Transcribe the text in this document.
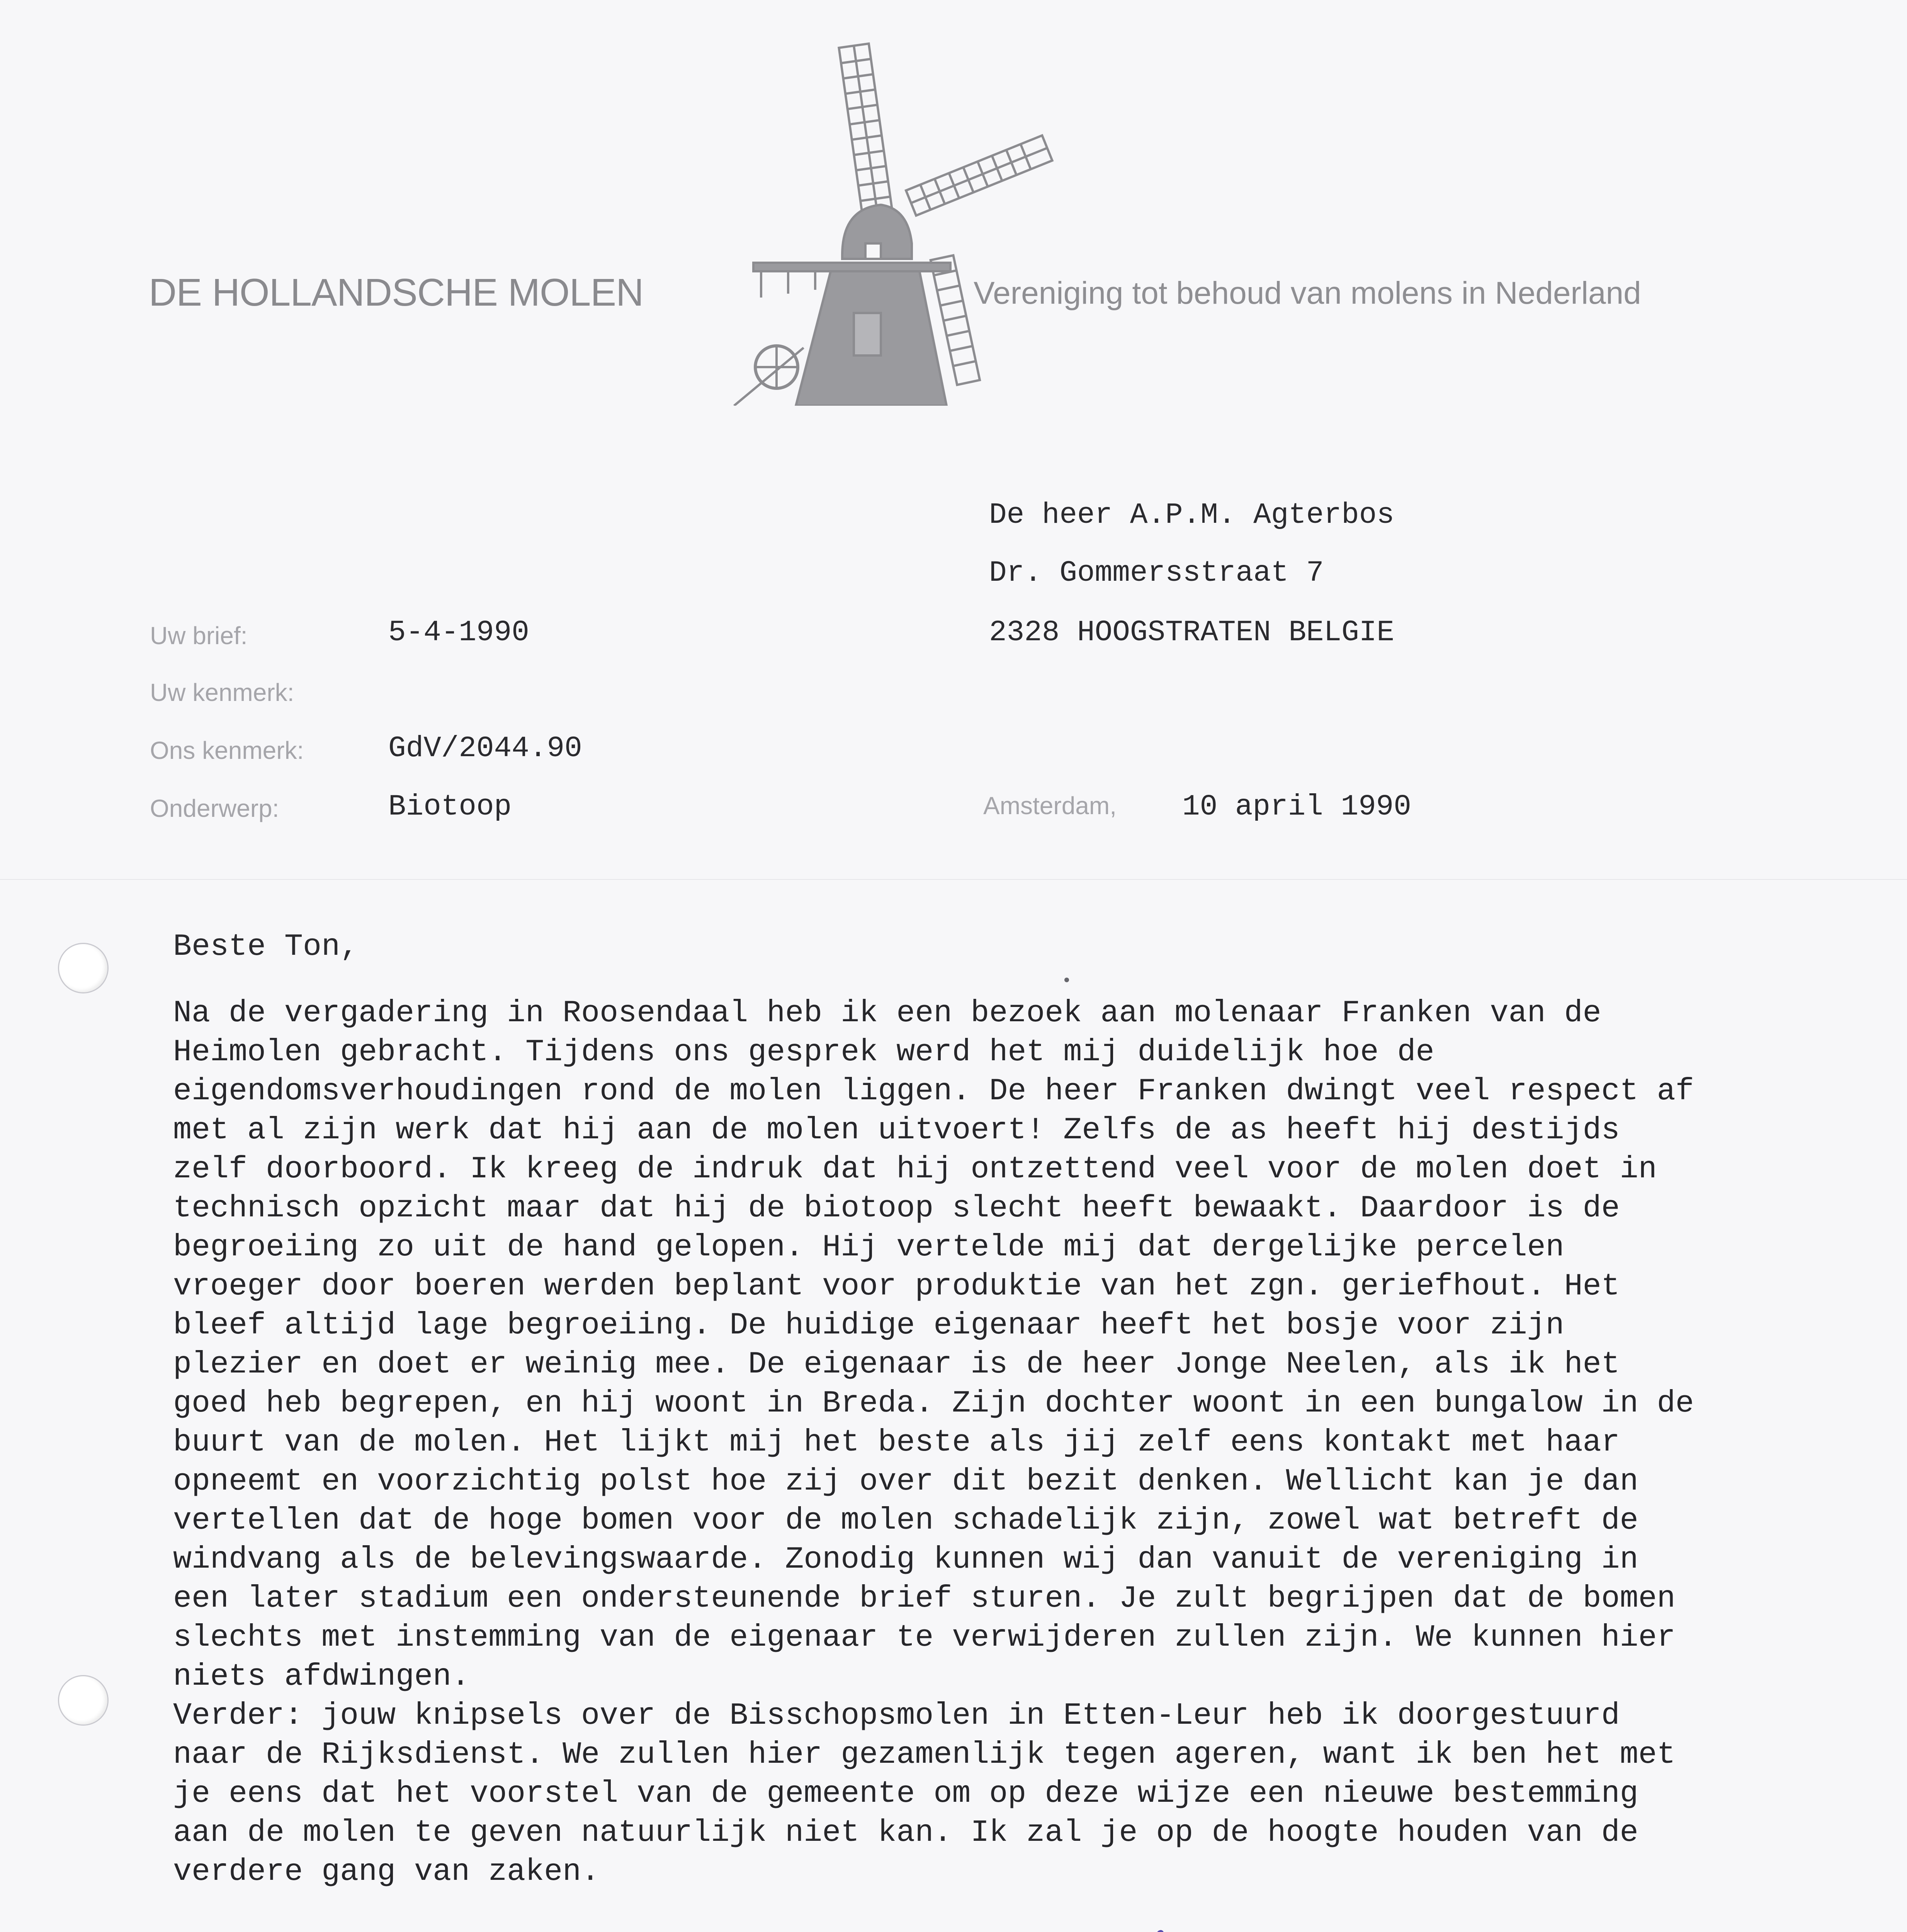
DE HOLLANDSCHE MOLEN	Vereniging tot behoud van molens in Nederland
De heer A.P.M. Agterbos
Dr. Gommersstraat 7
2328 HOOGSTRATEN BELGIE
Uw brief:	5-4-1990
Uw kenmerk:
Ons kenmerk:	GdV/2044.90
Onderwerp:	Biotoop	Amsterdam, 10 april 1990
Beste Ton,
Na de vergadering in Roosendaal heb ik een bezoek aan molenaar Franken van de
Heimolen gebracht. Tijdens ons gesprek werd het mij duidelijk hoe de
eigendomsverhoudingen rond de molen liggen. De heer Franken dwingt veel respect af
met al zijn werk dat hij aan de molen uitvoert! Zelfs de as heeft hij destijds
zelf doorboord. Ik kreeg de indruk dat hij ontzettend veel voor de molen doet in
technisch opzicht maar dat hij de biotoop slecht heeft bewaakt. Daardoor is de
begroeiing zo uit de hand gelopen. Hij vertelde mij dat dergelijke percelen
vroeger door boeren werden beplant voor produktie van het zgn. geriefhout. Het
bleef altijd lage begroeiing. De huidige eigenaar heeft het bosje voor zijn
plezier en doet er weinig mee. De eigenaar is de heer Jonge Neelen, als ik het
goed heb begrepen, en hij woont in Breda. Zijn dochter woont in een bungalow in de
buurt van de molen. Het lijkt mij het beste als jij zelf eens kontakt met haar
opneemt en voorzichtig polst hoe zij over dit bezit denken. Wellicht kan je dan
vertellen dat de hoge bomen voor de molen schadelijk zijn, zowel wat betreft de
windvang als de belevingswaarde. Zonodig kunnen wij dan vanuit de vereniging in
een later stadium een ondersteunende brief sturen. Je zult begrijpen dat de bomen
slechts met instemming van de eigenaar te verwijderen zullen zijn. We kunnen hier
niets afdwingen.
Verder: jouw knipsels over de Bisschopsmolen in Etten-Leur heb ik doorgestuurd
naar de Rijksdienst. We zullen hier gezamenlijk tegen ageren, want ik ben het met
je eens dat het voorstel van de gemeente om op deze wijze een nieuwe bestemming
aan de molen te geven natuurlijk niet kan. Ik zal je op de hoogte houden van de
verdere gang van zaken.
